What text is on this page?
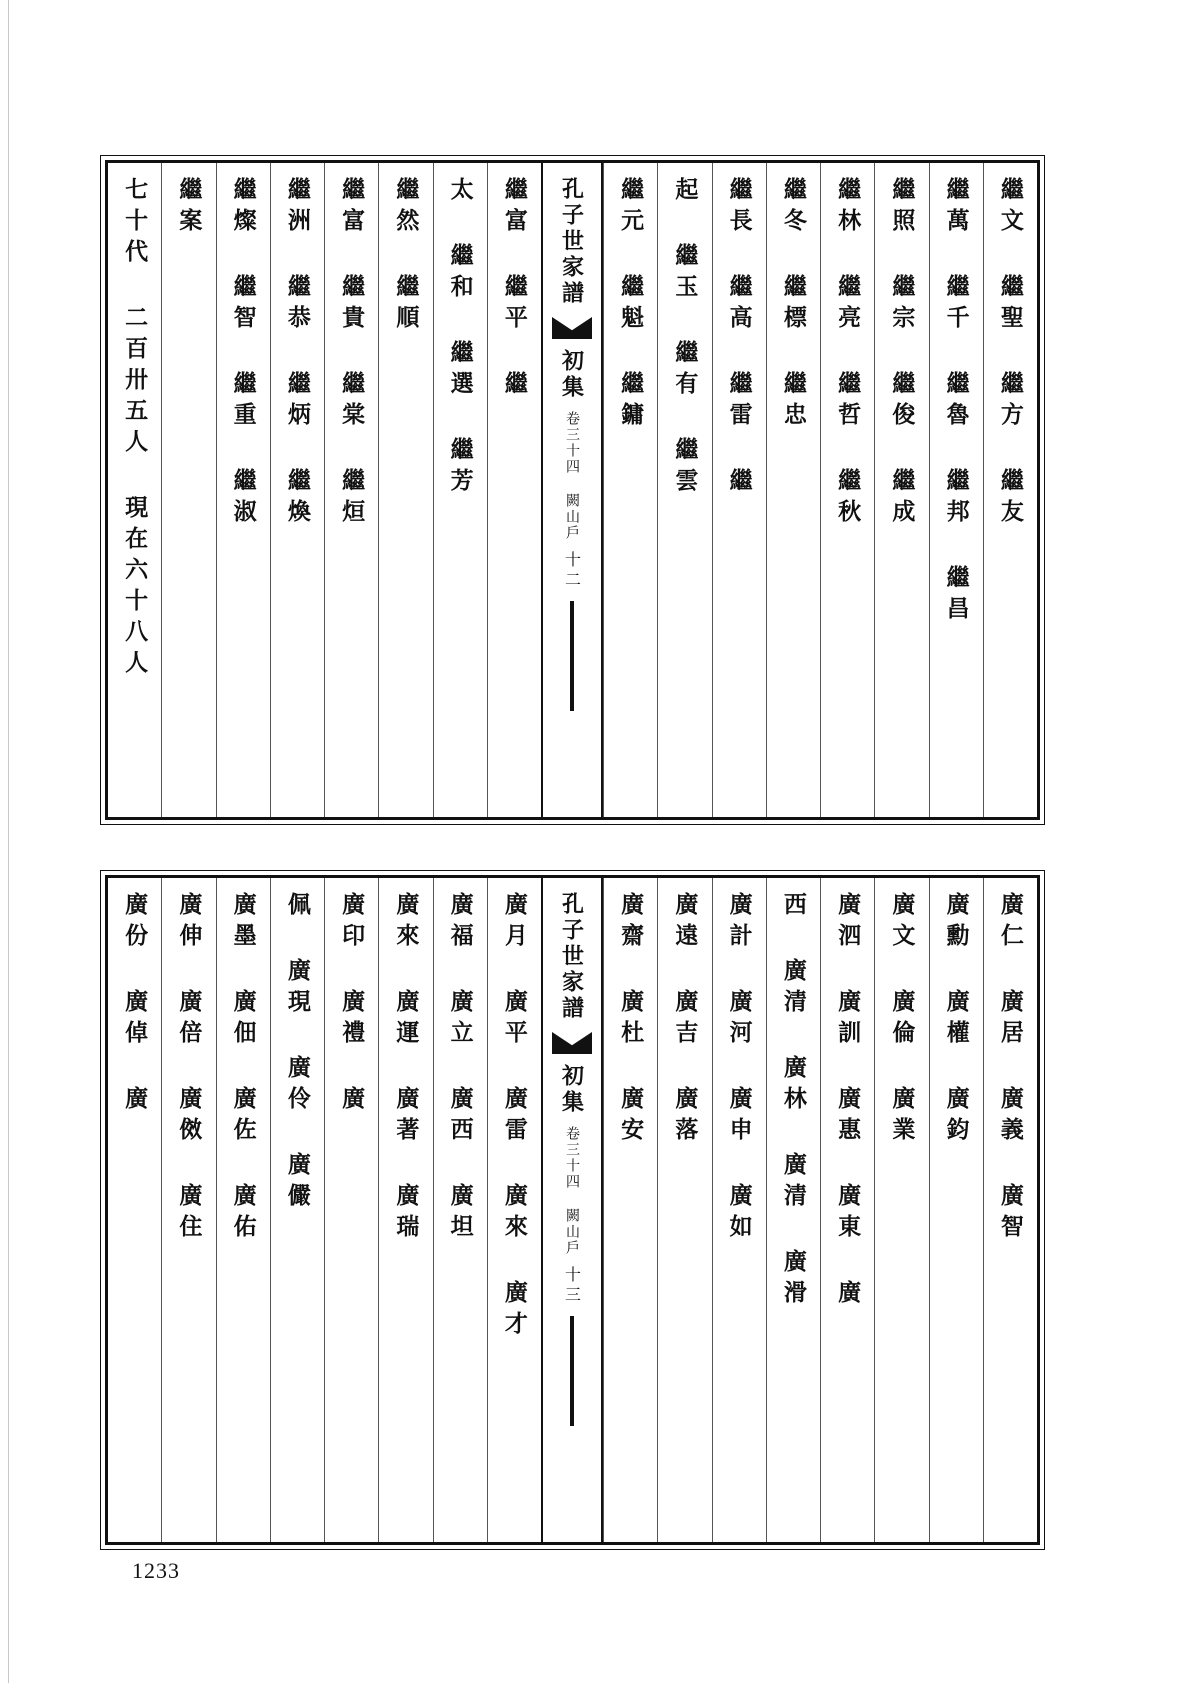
繼文 繼聖 繼方 繼友
繼萬 繼千 繼魯 繼邦 繼昌
繼照 繼宗 繼俊 繼成
繼林 繼亮 繼哲 繼秋
繼冬 繼標 繼忠
繼長 繼高 繼雷 繼
起 繼玉 繼有 繼雲
繼元 繼魁 繼鏞
孔子世家譜
初集
卷三十四 闕山戶
十二
繼富 繼平 繼
太 繼和 繼選 繼芳
繼然 繼順
繼富 繼貴 繼棠 繼烜
繼洲 繼恭 繼炳 繼煥
繼燦 繼智 繼重 繼淑
繼案
七十代 二百卅五人 現在六十八人
廣仁 廣居 廣義 廣智
廣勳 廣權 廣鈞
廣文 廣倫 廣業
廣泗 廣訓 廣惠 廣東 廣
西 廣清 廣林 廣清 廣滑
廣計 廣河 廣申 廣如
廣遠 廣吉 廣落
廣齋 廣杜 廣安
孔子世家譜
初集
卷三十四 闕山戶
十三
廣月 廣平 廣雷 廣來 廣才
廣福 廣立 廣西 廣坦
廣來 廣運 廣著 廣瑞
廣印 廣禮 廣
佩 廣現 廣伶 廣儼
廣墨 廣佃 廣佐 廣佑
廣伸 廣倍 廣傚 廣住
廣份 廣倬 廣
1233
